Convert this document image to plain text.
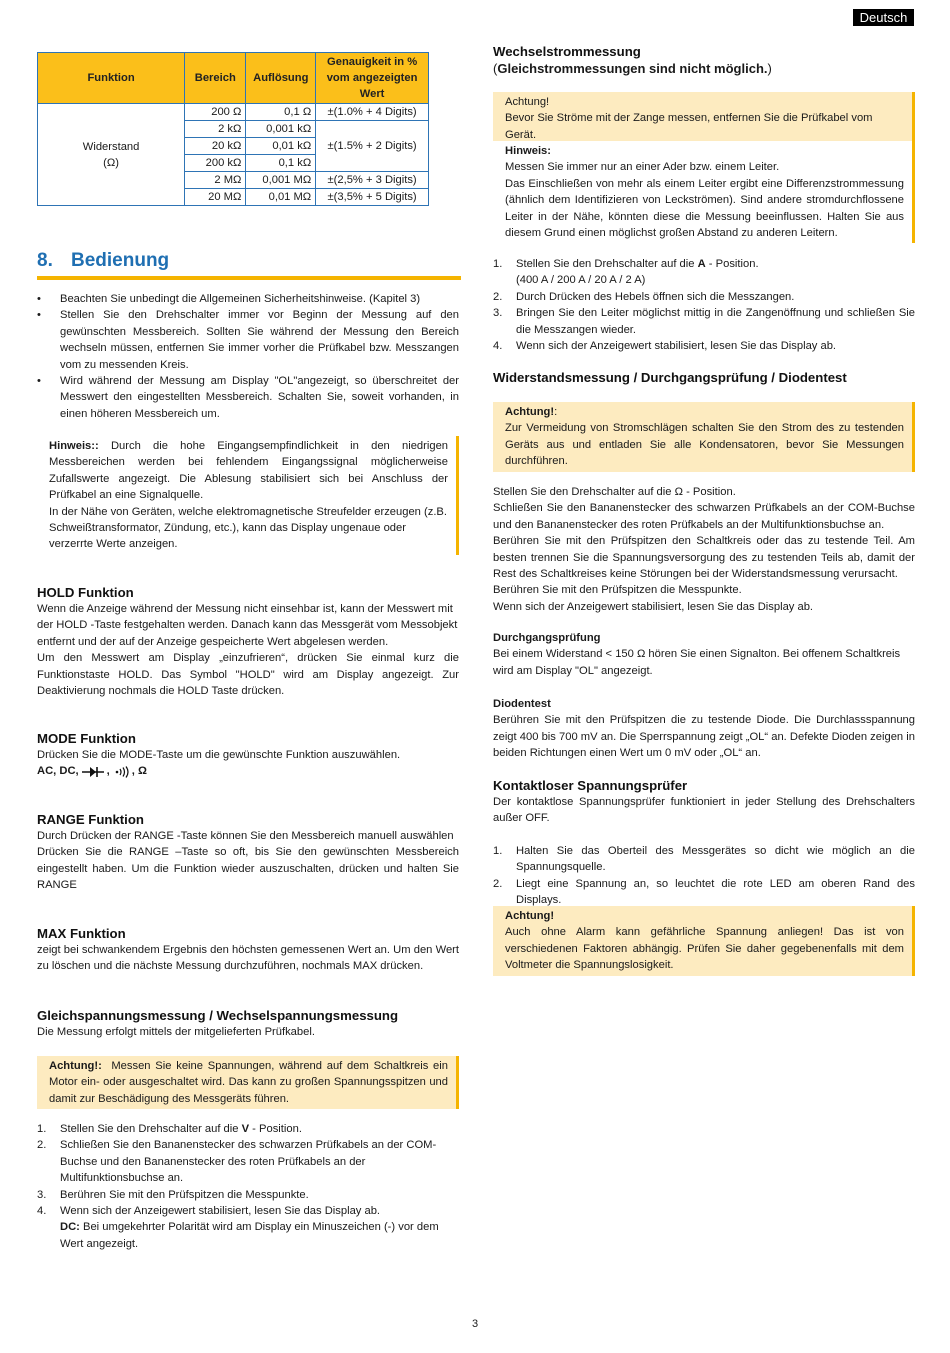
Deutsch
Funktion	Bereich	Auflösung	Genauigkeit in % vom angezeigten Wert

Widerstand
(Ω)	200 Ω	0,1 Ω	±(1.0% + 4 Digits)
	2 kΩ	0,001 kΩ	±(1.5% + 2 Digits)
	20 kΩ	0,01 kΩ	
	200 kΩ	0,1 kΩ	
	2 MΩ	0,001 MΩ	±(2,5% + 3 Digits)
	20 MΩ	0,01 MΩ	±(3,5% + 5 Digits)
8. Bedienung
• Beachten Sie unbedingt die Allgemeinen Sicherheitshinweise. (Kapitel 3)
• Stellen Sie den Drehschalter immer vor Beginn der Messung auf den gewünschten Messbereich. Sollten Sie während der Messung den Bereich wechseln müssen, entfernen Sie immer vorher die Prüfkabel bzw. Messzangen vom zu messenden Kreis.
• Wird während der Messung am Display "OL"angezeigt, so überschreitet der Messwert den eingestellten Messbereich. Schalten Sie, soweit vorhanden, in einen höheren Messbereich um.

Hinweis:: Durch die hohe Eingangsempfindlichkeit in den niedrigen Messbereichen werden bei fehlendem Eingangssignal möglicherweise Zufallswerte angezeigt. Die Ablesung stabilisiert sich bei Anschluss der Prüfkabel an eine Signalquelle.

In der Nähe von Geräten, welche elektromagnetische Streufelder erzeugen (z.B. Schweißtransformator, Zündung, etc.), kann das Display ungenaue oder verzerrte Werte anzeigen.

HOLD Funktion

Wenn die Anzeige während der Messung nicht einsehbar ist, kann der Messwert mit der HOLD -Taste festgehalten werden. Danach kann das Messgerät vom Messobjekt entfernt und der auf der Anzeige gespeicherte Wert abgelesen werden.

Um den Messwert am Display „einzufrieren“, drücken Sie einmal kurz die Funktionstaste HOLD. Das Symbol "HOLD" wird am Display angezeigt. Zur Deaktivierung nochmals die HOLD Taste drücken.

MODE Funktion

Drücken Sie die MODE-Taste um die gewünschte Funktion auszuwählen.

AC, DC,	, , Ω

RANGE Funktion

Durch Drücken der RANGE -Taste können Sie den Messbereich manuell auswählen

Drücken Sie die RANGE –Taste so oft, bis Sie den gewünschten Messbereich eingestellt haben. Um die Funktion wieder auszuschalten, drücken und halten Sie RANGE

MAX Funktion

zeigt bei schwankendem Ergebnis den höchsten gemessenen Wert an. Um den Wert zu löschen und die nächste Messung durchzuführen, nochmals MAX drücken.

Gleichspannungsmessung / Wechselspannungsmessung

Die Messung erfolgt mittels der mitgelieferten Prüfkabel.

Achtung!: Messen Sie keine Spannungen, während auf dem Schaltkreis ein Motor ein- oder ausgeschaltet wird. Das kann zu großen Spannungsspitzen und damit zur Beschädigung des Messgeräts führen.

1. Stellen Sie den Drehschalter auf die V - Position.
2. Schließen Sie den Bananenstecker des schwarzen Prüfkabels an der COM-Buchse und den Bananenstecker des roten Prüfkabels an der Multifunktionsbuchse an.
3. Berühren Sie mit den Prüfspitzen die Messpunkte.
4. Wenn sich der Anzeigewert stabilisiert, lesen Sie das Display ab.
DC: Bei umgekehrter Polarität wird am Display ein Minuszeichen (-) vor dem Wert angezeigt.
Wechselstrommessung

(Gleichstrommessungen sind nicht möglich.)

Achtung!

Bevor Sie Ströme mit der Zange messen, entfernen Sie die Prüfkabel vom Gerät.

Hinweis:

Messen Sie immer nur an einer Ader bzw. einem Leiter.

Das Einschließen von mehr als einem Leiter ergibt eine Differenzstrommessung (ähnlich dem Identifizieren von Leckströmen). Sind andere stromdurchflossene Leiter in der Nähe, könnten diese die Messung beeinflussen. Halten Sie aus diesem Grund einen möglichst großen Abstand zu anderen Leitern.

1. Stellen Sie den Drehschalter auf die A - Position.
(400 A / 200 A / 20 A / 2 A)
2. Durch Drücken des Hebels öffnen sich die Messzangen.
3. Bringen Sie den Leiter möglichst mittig in die Zangenöffnung und schließen Sie die Messzangen wieder.
4. Wenn sich der Anzeigewert stabilisiert, lesen Sie das Display ab.
Widerstandsmessung / Durchgangsprüfung / Diodentest

Achtung!:

Zur Vermeidung von Stromschlägen schalten Sie den Strom des zu testenden Geräts aus und entladen Sie alle Kondensatoren, bevor Sie Messungen durchführen.

Stellen Sie den Drehschalter auf die Ω - Position.

Schließen Sie den Bananenstecker des schwarzen Prüfkabels an der COM-Buchse und den Bananenstecker des roten Prüfkabels an der Multifunktionsbuchse an.

Berühren Sie mit den Prüfspitzen den Schaltkreis oder das zu testende Teil. Am besten trennen Sie die Spannungsversorgung des zu testenden Teils ab, damit der Rest des Schaltkreises keine Störungen bei der Widerstandsmessung verursacht.

Berühren Sie mit den Prüfspitzen die Messpunkte.

Wenn sich der Anzeigewert stabilisiert, lesen Sie das Display ab.

Durchgangsprüfung

Bei einem Widerstand < 150 Ω hören Sie einen Signalton. Bei offenem Schaltkreis wird am Display "OL" angezeigt.

Diodentest

Berühren Sie mit den Prüfspitzen die zu testende Diode. Die Durchlassspannung zeigt 400 bis 700 mV an. Die Sperrspannung zeigt „OL“ an. Defekte Dioden zeigen in beiden Richtungen einen Wert um 0 mV oder „OL“ an.

Kontaktloser Spannungsprüfer

Der kontaktlose Spannungsprüfer funktioniert in jeder Stellung des Drehschalters außer OFF.

1. Halten Sie das Oberteil des Messgerätes so dicht wie möglich an die Spannungsquelle.
2. Liegt eine Spannung an, so leuchtet die rote LED am oberen Rand des Displays.

Achtung!

Auch ohne Alarm kann gefährliche Spannung anliegen! Das ist von verschiedenen Faktoren abhängig. Prüfen Sie daher gegebenenfalls mit dem Voltmeter die Spannungslosigkeit.

3
